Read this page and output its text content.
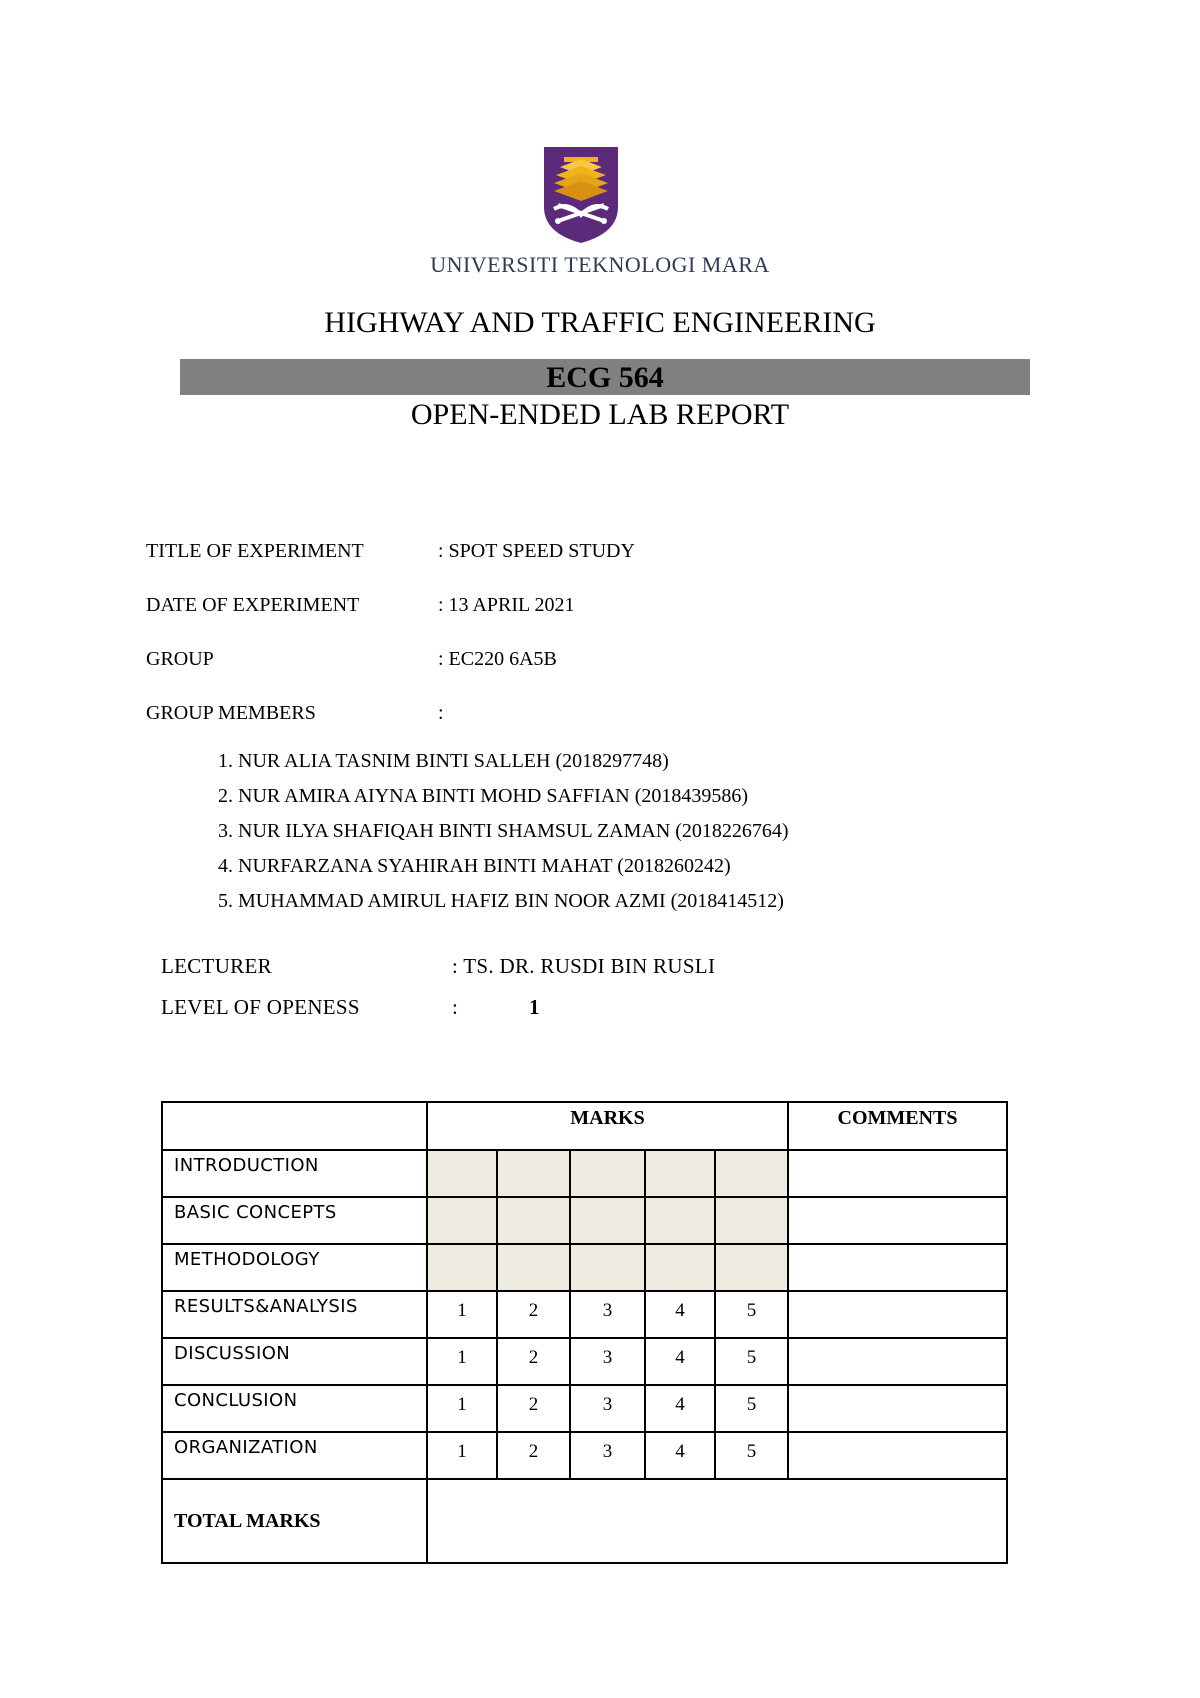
UNIVERSITI TEKNOLOGI MARA
HIGHWAY AND TRAFFIC ENGINEERING
ECG 564
OPEN-ENDED LAB REPORT
TITLE OF EXPERIMENT	: SPOT SPEED STUDY
DATE OF EXPERIMENT	: 13 APRIL 2021
GROUP	: EC220 6A5B
GROUP MEMBERS	:
1. NUR ALIA TASNIM BINTI SALLEH (2018297748)
2. NUR AMIRA AIYNA BINTI MOHD SAFFIAN (2018439586)
3. NUR ILYA SHAFIQAH BINTI SHAMSUL ZAMAN (2018226764)
4. NURFARZANA SYAHIRAH BINTI MAHAT (2018260242)
5. MUHAMMAD AMIRUL HAFIZ BIN NOOR AZMI (2018414512)
LECTURER	: TS. DR. RUSDI BIN RUSLI
LEVEL OF OPENESS	:	1
	MARKS					COMMENTS
INTRODUCTION						
BASIC CONCEPTS						
METHODOLOGY						
RESULTS&ANALYSIS	1	2	3	4	5	
DISCUSSION	1	2	3	4	5	
CONCLUSION	1	2	3	4	5	
ORGANIZATION	1	2	3	4	5	
TOTAL MARKS						
